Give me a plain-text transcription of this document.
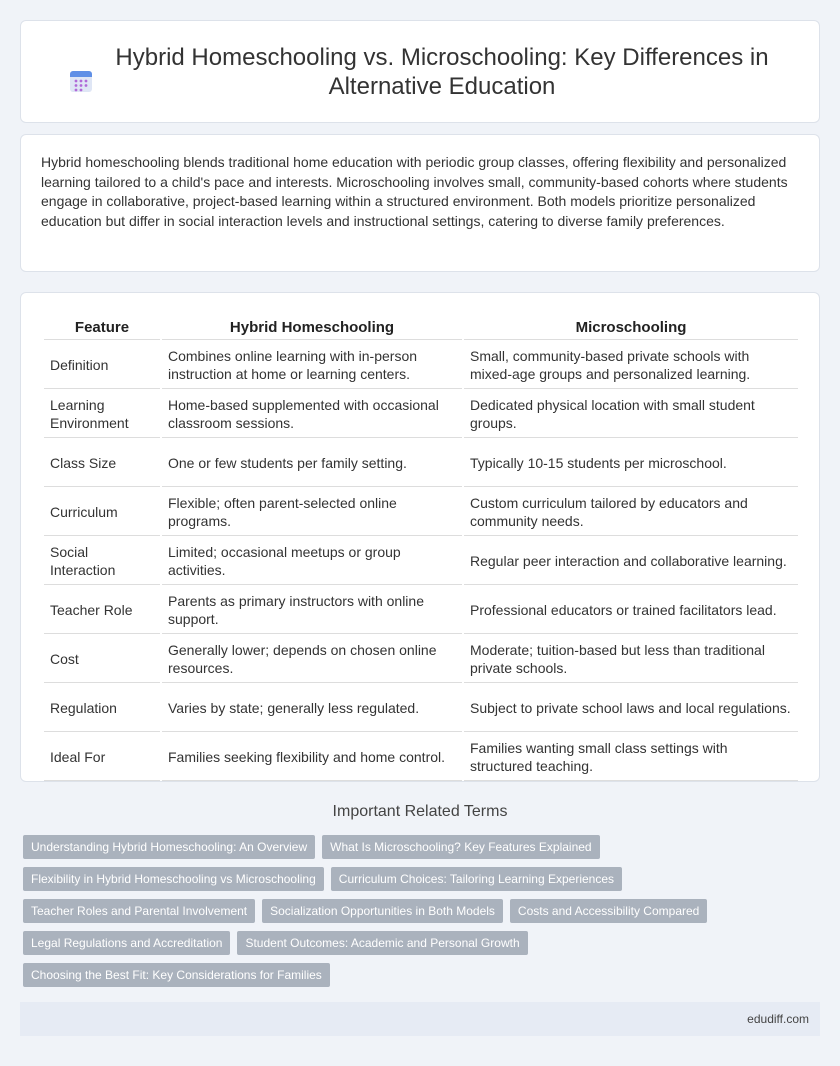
Hybrid Homeschooling vs. Microschooling: Key Differences in Alternative Education

Hybrid homeschooling blends traditional home education with periodic group classes, offering flexibility and personalized learning tailored to a child's pace and interests. Microschooling involves small, community-based cohorts where students engage in collaborative, project-based learning within a structured environment. Both models prioritize personalized education but differ in social interaction levels and instructional settings, catering to diverse family preferences.

Feature	Hybrid Homeschooling	Microschooling
Definition	Combines online learning with in-person instruction at home or learning centers.	Small, community-based private schools with mixed-age groups and personalized learning.
Learning Environment	Home-based supplemented with occasional classroom sessions.	Dedicated physical location with small student groups.
Class Size	One or few students per family setting.	Typically 10-15 students per microschool.
Curriculum	Flexible; often parent-selected online programs.	Custom curriculum tailored by educators and community needs.
Social Interaction	Limited; occasional meetups or group activities.	Regular peer interaction and collaborative learning.
Teacher Role	Parents as primary instructors with online support.	Professional educators or trained facilitators lead.
Cost	Generally lower; depends on chosen online resources.	Moderate; tuition-based but less than traditional private schools.
Regulation	Varies by state; generally less regulated.	Subject to private school laws and local regulations.
Ideal For	Families seeking flexibility and home control.	Families wanting small class settings with structured teaching.
Important Related Terms
Understanding Hybrid Homeschooling: An Overview	What Is Microschooling? Key Features Explained
Flexibility in Hybrid Homeschooling vs Microschooling	Curriculum Choices: Tailoring Learning Experiences
Teacher Roles and Parental Involvement	Socialization Opportunities in Both Models	Costs and Accessibility Compared
Legal Regulations and Accreditation	Student Outcomes: Academic and Personal Growth
Choosing the Best Fit: Key Considerations for Families
edudiff.com
